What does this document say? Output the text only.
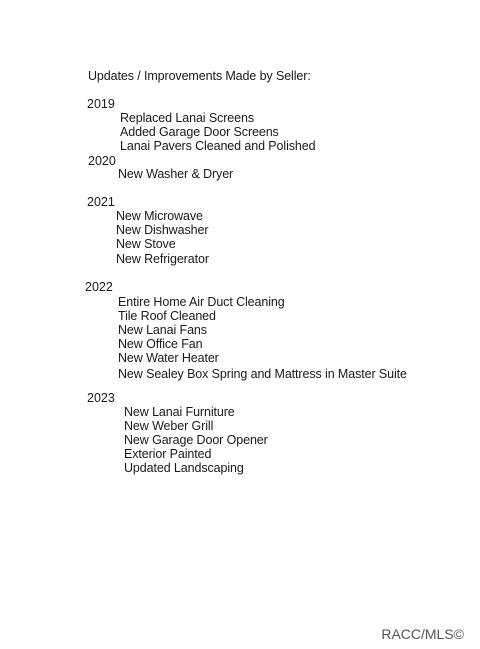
Updates / Improvements Made by Seller:
2019
Replaced Lanai Screens
Added Garage Door Screens
Lanai Pavers Cleaned and Polished
2020
New Washer & Dryer
2021
New Microwave
New Dishwasher
New Stove
New Refrigerator
2022
Entire Home Air Duct Cleaning
Tile Roof Cleaned
New Lanai Fans
New Office Fan
New Water Heater
New Sealey Box Spring and Mattress in Master Suite
2023
New Lanai Furniture
New Weber Grill
New Garage Door Opener
Exterior Painted
Updated Landscaping
RACC/MLS©
